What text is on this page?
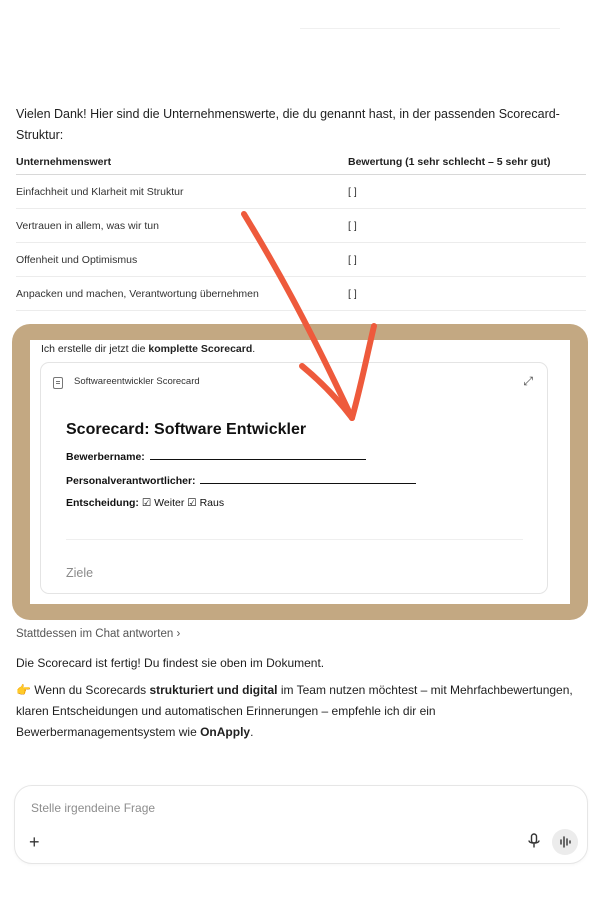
Vielen Dank! Hier sind die Unternehmenswerte, die du genannt hast, in der passenden Scorecard-Struktur:
Unternehmenswert	Bewertung (1 sehr schlecht – 5 sehr gut)
Einfachheit und Klarheit mit Struktur	[ ]
Vertrauen in allem, was wir tun	[ ]
Offenheit und Optimismus	[ ]
Anpacken und machen, Verantwortung übernehmen	[ ]
Ich erstelle dir jetzt die komplette Scorecard.
Softwareentwickler Scorecard	⤢
Scorecard: Software Entwickler
Bewerbername:
Personalverantwortlicher:
Entscheidung: ☑ Weiter ☑ Raus
Ziele
Stattdessen im Chat antworten ›
Die Scorecard ist fertig! Du findest sie oben im Dokument.
👉 Wenn du Scorecards strukturiert und digital im Team nutzen möchtest – mit Mehrfachbewertungen, klaren Entscheidungen und automatischen Erinnerungen – empfehle ich dir ein Bewerbermanagementsystem wie OnApply.
Stelle irgendeine Frage
+
